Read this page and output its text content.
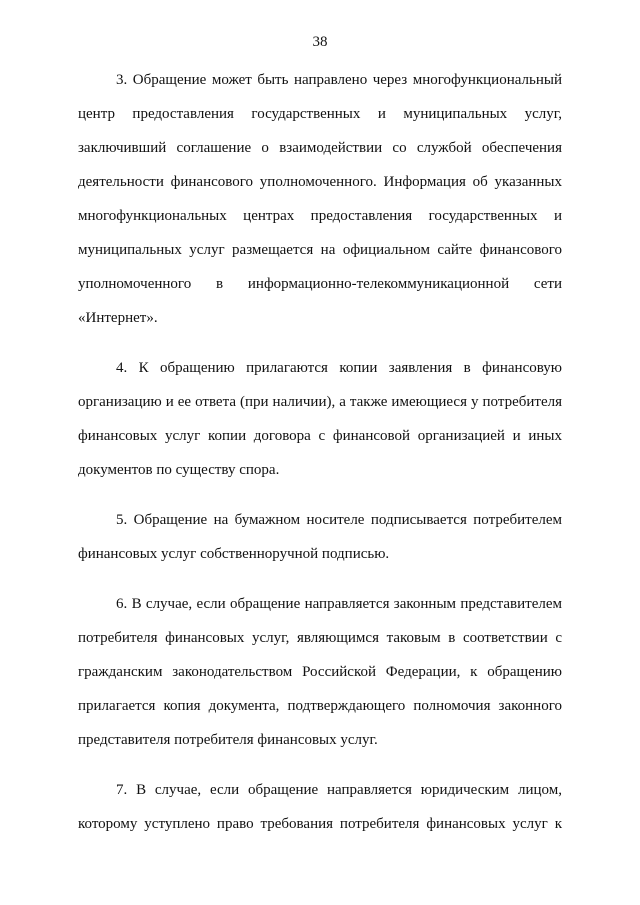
38

3. Обращение может быть направлено через многофункциональный
центр предоставления государственных и муниципальных услуг,
заключивший соглашение о взаимодействии со службой обеспечения
деятельности финансового уполномоченного. Информация об указанных
многофункциональных центрах предоставления государственных и
муниципальных услуг размещается на официальном сайте финансового
уполномоченного в информационно-телекоммуникационной сети
«Интернет».

4. К обращению прилагаются копии заявления в финансовую
организацию и ее ответа (при наличии), а также имеющиеся у потребителя
финансовых услуг копии договора с финансовой организацией и иных
документов по существу спора.

5. Обращение на бумажном носителе подписывается потребителем
финансовых услуг собственноручной подписью.

6. В случае, если обращение направляется законным представителем
потребителя финансовых услуг, являющимся таковым в соответствии с
гражданским законодательством Российской Федерации, к обращению
прилагается копия документа, подтверждающего полномочия законного
представителя потребителя финансовых услуг.

7. В случае, если обращение направляется юридическим лицом,
которому уступлено право требования потребителя финансовых услуг к
